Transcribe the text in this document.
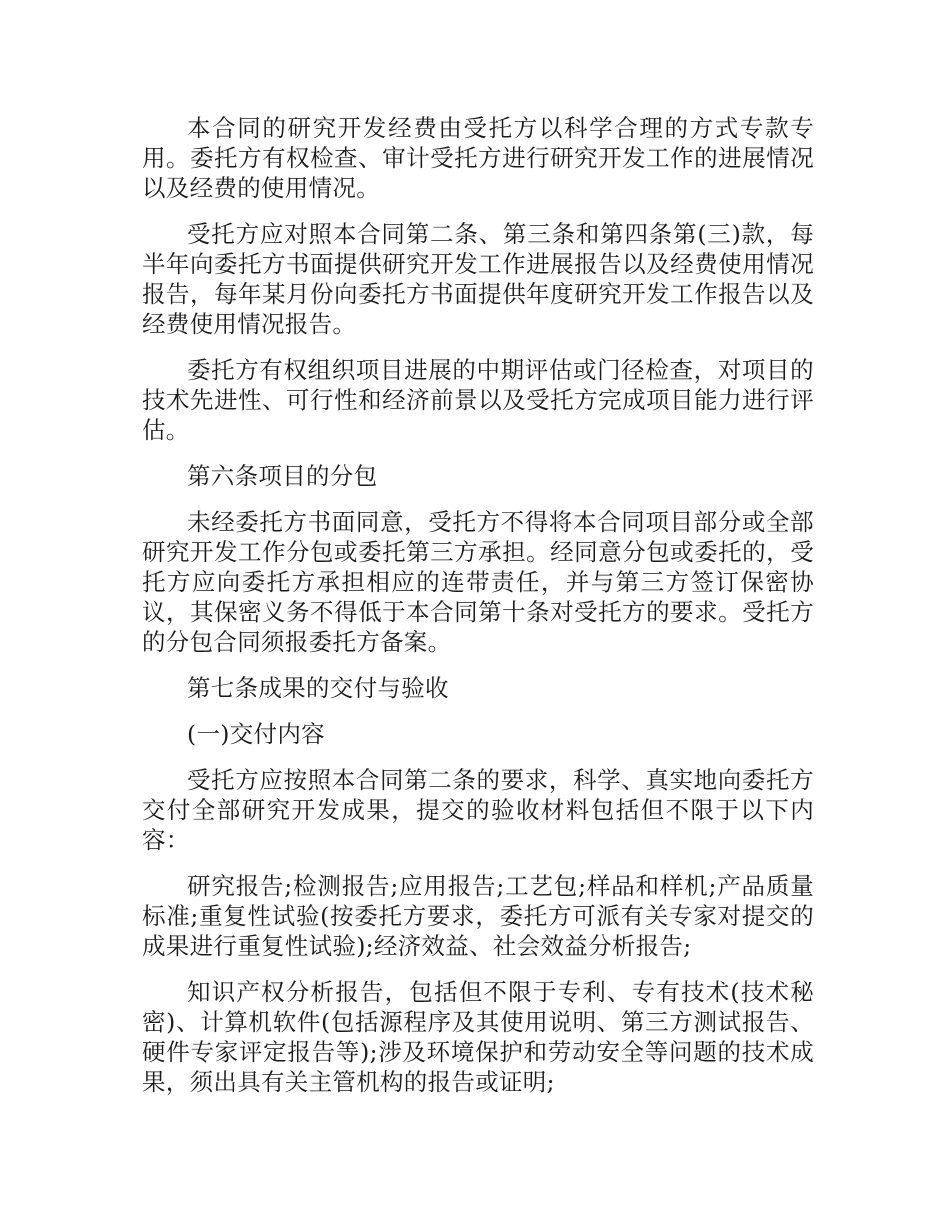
本合同的研究开发经费由受托方以科学合理的方式专款专用。委托方有权检查、审计受托方进行研究开发工作的进展情况以及经费的使用情况。

受托方应对照本合同第二条、第三条和第四条第(三)款，每半年向委托方书面提供研究开发工作进展报告以及经费使用情况报告，每年某月份向委托方书面提供年度研究开发工作报告以及经费使用情况报告。

委托方有权组织项目进展的中期评估或门径检查，对项目的技术先进性、可行性和经济前景以及受托方完成项目能力进行评估。

第六条项目的分包

未经委托方书面同意，受托方不得将本合同项目部分或全部研究开发工作分包或委托第三方承担。经同意分包或委托的，受托方应向委托方承担相应的连带责任，并与第三方签订保密协议，其保密义务不得低于本合同第十条对受托方的要求。受托方的分包合同须报委托方备案。

第七条成果的交付与验收

(一)交付内容

受托方应按照本合同第二条的要求，科学、真实地向委托方交付全部研究开发成果，提交的验收材料包括但不限于以下内容：

研究报告;检测报告;应用报告;工艺包;样品和样机;产品质量标准;重复性试验(按委托方要求，委托方可派有关专家对提交的成果进行重复性试验);经济效益、社会效益分析报告;

知识产权分析报告，包括但不限于专利、专有技术(技术秘密)、计算机软件(包括源程序及其使用说明、第三方测试报告、硬件专家评定报告等);涉及环境保护和劳动安全等问题的技术成果，须出具有关主管机构的报告或证明;
